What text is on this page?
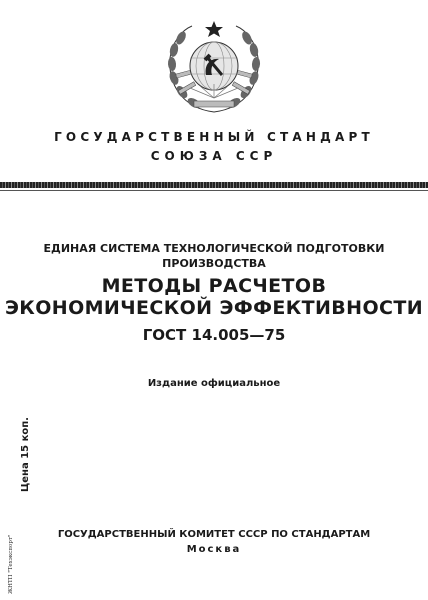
ГОСУДАРСТВЕННЫЙ СТАНДАРТ
СОЮЗА ССР
ЕДИНАЯ СИСТЕМА ТЕХНОЛОГИЧЕСКОЙ ПОДГОТОВКИ
ПРОИЗВОДСТВА
МЕТОДЫ РАСЧЕТОВ
ЭКОНОМИЧЕСКОЙ ЭФФЕКТИВНОСТИ
ГОСТ 14.005—75
Издание официальное
Цена 15 коп.
ЖНТП "Техэкспорт"
ГОСУДАРСТВЕННЫЙ КОМИТЕТ СССР ПО СТАНДАРТАМ
Москва
